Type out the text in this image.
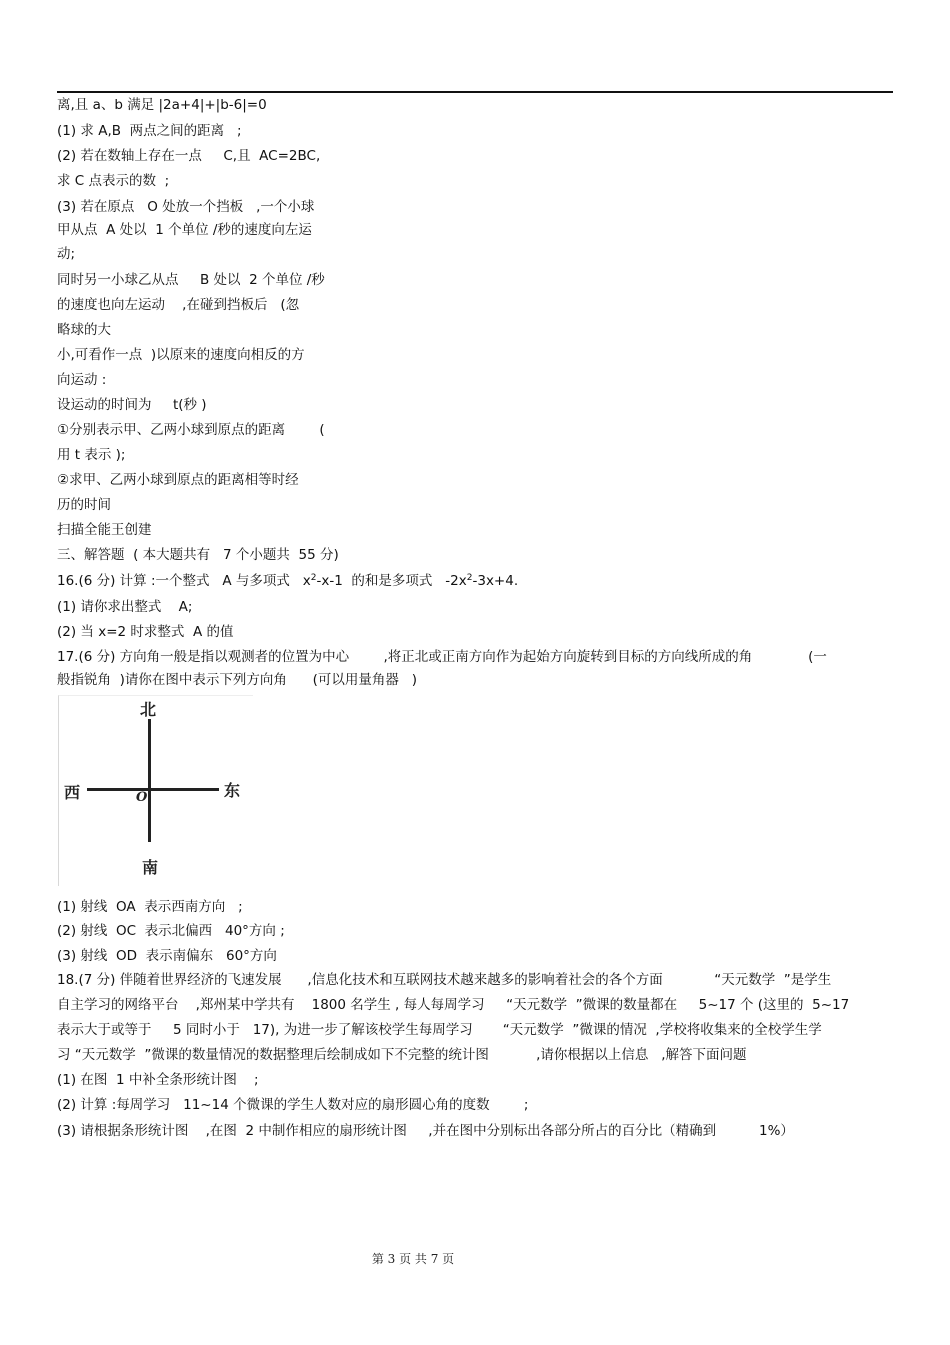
离,且 a、b 满足 |2a+4|+|b-6|=0
(1) 求 A,B  两点之间的距离   ;
(2) 若在数轴上存在一点     C,且  AC=2BC,
求 C 点表示的数  ;
(3) 若在原点   O 处放一个挡板   ,一个小球
甲从点  A 处以  1 个单位 /秒的速度向左运
动;
同时另一小球乙从点     B 处以  2 个单位 /秒
的速度也向左运动    ,在碰到挡板后   (忽
略球的大
小,可看作一点  )以原来的速度向相反的方
向运动 :
设运动的时间为     t(秒 )
①分别表示甲、乙两小球到原点的距离        (
用 t 表示 );
②求甲、乙两小球到原点的距离相等时经
历的时间
扫描全能王创建
三、解答题  ( 本大题共有   7 个小题共  55 分)
16.(6 分) 计算 :一个整式   A 与多项式   $x^2-x-1$  的和是多项式   $-2x^2-3x+4$.
(1) 请你求出整式    A;
(2) 当 x=2 时求整式  A 的值
17.(6 分) 方向角一般是指以观测者的位置为中心        ,将正北或正南方向作为起始方向旋转到目标的方向线所成的角             (一
般指锐角  )请你在图中表示下列方向角      (可以用量角器   )
北
南
西	东
O
(1) 射线  OA  表示西南方向   ;
(2) 射线  OC  表示北偏西   40°方向 ;
(3) 射线  OD  表示南偏东   60°方向
18.(7 分) 伴随着世界经济的飞速发展      ,信息化技术和互联网技术越来越多的影响着社会的各个方面            “天元数学  ”是学生
自主学习的网络平台    ,郑州某中学共有    1800 名学生 , 每人每周学习     “天元数学  ”微课的数量都在     5~17 个 (这里的  5~17
表示大于或等于     5 同时小于   17), 为进一步了解该校学生每周学习       “天元数学  ”微课的情况  ,学校将收集来的全校学生学
习 “天元数学  ”微课的数量情况的数据整理后绘制成如下不完整的统计图           ,请你根据以上信息   ,解答下面问题
(1) 在图  1 中补全条形统计图    ;
(2) 计算 :每周学习   11~14 个微课的学生人数对应的扇形圆心角的度数        ;
(3) 请根据条形统计图    ,在图  2 中制作相应的扇形统计图     ,并在图中分别标出各部分所占的百分比（精确到          1%）
第 3 页 共 7 页
